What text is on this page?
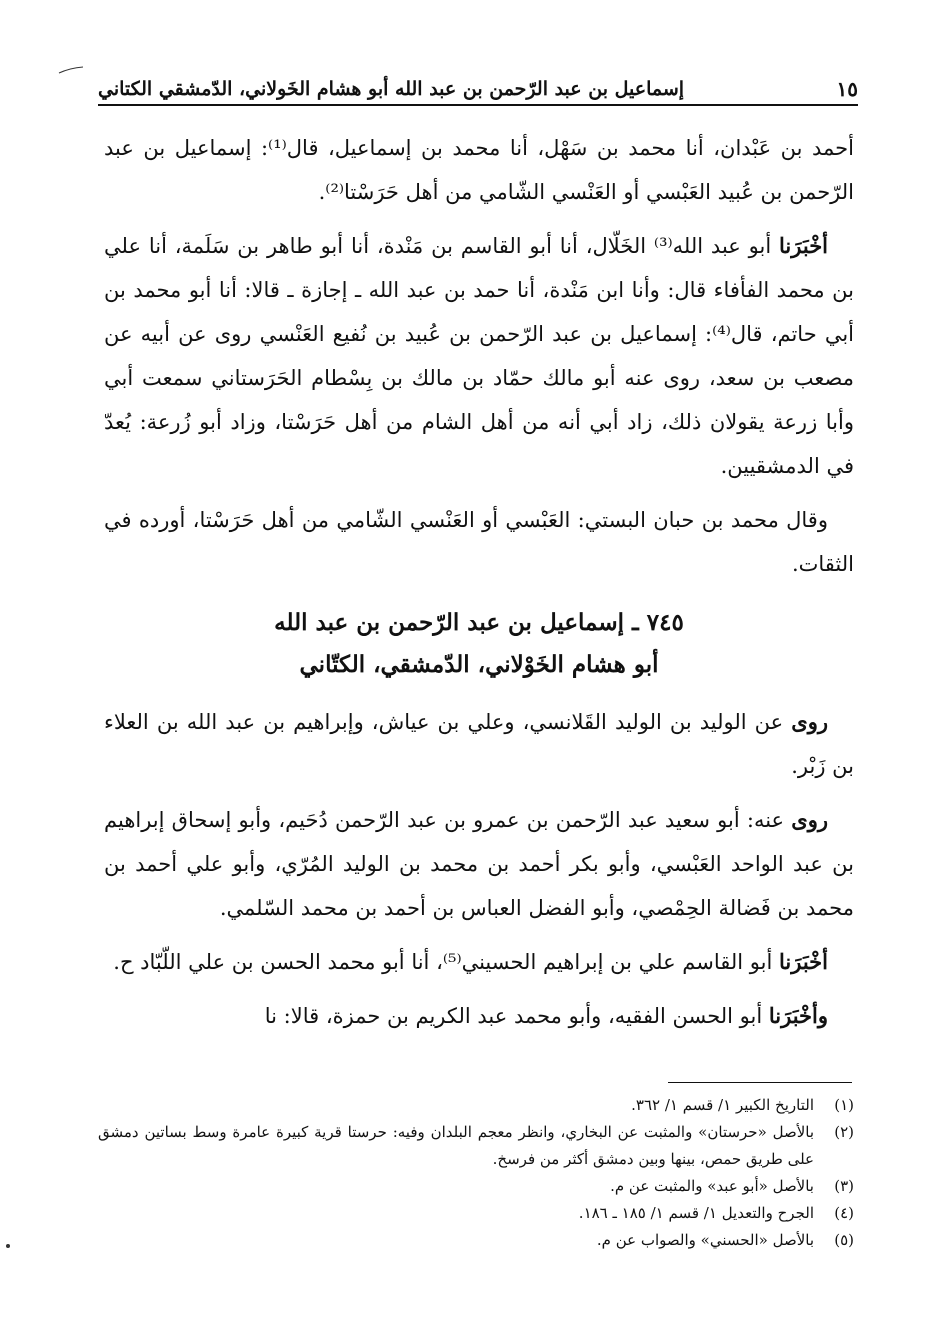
إسماعيل بن عبد الرّحمن بن عبد الله أبو هشام الخَولاني، الدّمشقي الكتاني	١٥

أحمد بن عَبْدان، أنا محمد بن سَهْل، أنا محمد بن إسماعيل، قال⁽¹⁾: إسماعيل بن عبد الرّحمن بن عُبيد العَبْسي أو العَنْسي الشّامي من أهل حَرَسْتا⁽²⁾.

أخْبَرَنا أبو عبد الله⁽³⁾ الخَلّال، أنا أبو القاسم بن مَنْدة، أنا أبو طاهر بن سَلَمة، أنا علي بن محمد الفأفاء قال: وأنا ابن مَنْدة، أنا حمد بن عبد الله ـ إجازة ـ قالا: أنا أبو محمد بن أبي حاتم، قال⁽⁴⁾: إسماعيل بن عبد الرّحمن بن عُبيد بن نُفيع العَنْسي روى عن أبيه عن مصعب بن سعد، روى عنه أبو مالك حمّاد بن مالك بن بِسْطام الحَرَستاني سمعت أبي وأبا زرعة يقولان ذلك، زاد أبي أنه من أهل الشام من أهل حَرَسْتا، وزاد أبو زُرعة: يُعدّ في الدمشقيين.

وقال محمد بن حبان البستي: العَبْسي أو العَنْسي الشّامي من أهل حَرَسْتا، أورده في الثقات.

٧٤٥ ـ إسماعيل بن عبد الرّحمن بن عبد الله
أبو هشام الخَوْلاني، الدّمشقي، الكتّاني

روى عن الوليد بن الوليد القَلانسي، وعلي بن عياش، وإبراهيم بن عبد الله بن العلاء بن زَبْر.

روى عنه: أبو سعيد عبد الرّحمن بن عمرو بن عبد الرّحمن دُحَيم، وأبو إسحاق إبراهيم بن عبد الواحد العَبْسي، وأبو بكر أحمد بن محمد بن الوليد المُرّي، وأبو علي أحمد بن محمد بن فَضالة الحِمْصي، وأبو الفضل العباس بن أحمد بن محمد السّلمي.

أخْبَرَنا أبو القاسم علي بن إبراهيم الحسيني⁽⁵⁾، أنا أبو محمد الحسن بن علي اللّبّاد ح.

وأخْبَرَنا أبو الحسن الفقيه، وأبو محمد عبد الكريم بن حمزة، قالا: نا

(١)
التاريخ الكبير ١/ قسم ١/ ٣٦٢.
(٢)
بالأصل «حرستان» والمثبت عن البخاري، وانظر معجم البلدان وفيه: حرستا قرية كبيرة عامرة وسط بساتين دمشق على طريق حمص، بينها وبين دمشق أكثر من فرسخ.
(٣)
بالأصل «أبو عبد» والمثبت عن م.
(٤)
الجرح والتعديل ١/ قسم ١/ ١٨٥ ـ ١٨٦.
(٥)
بالأصل «الحسني» والصواب عن م.
